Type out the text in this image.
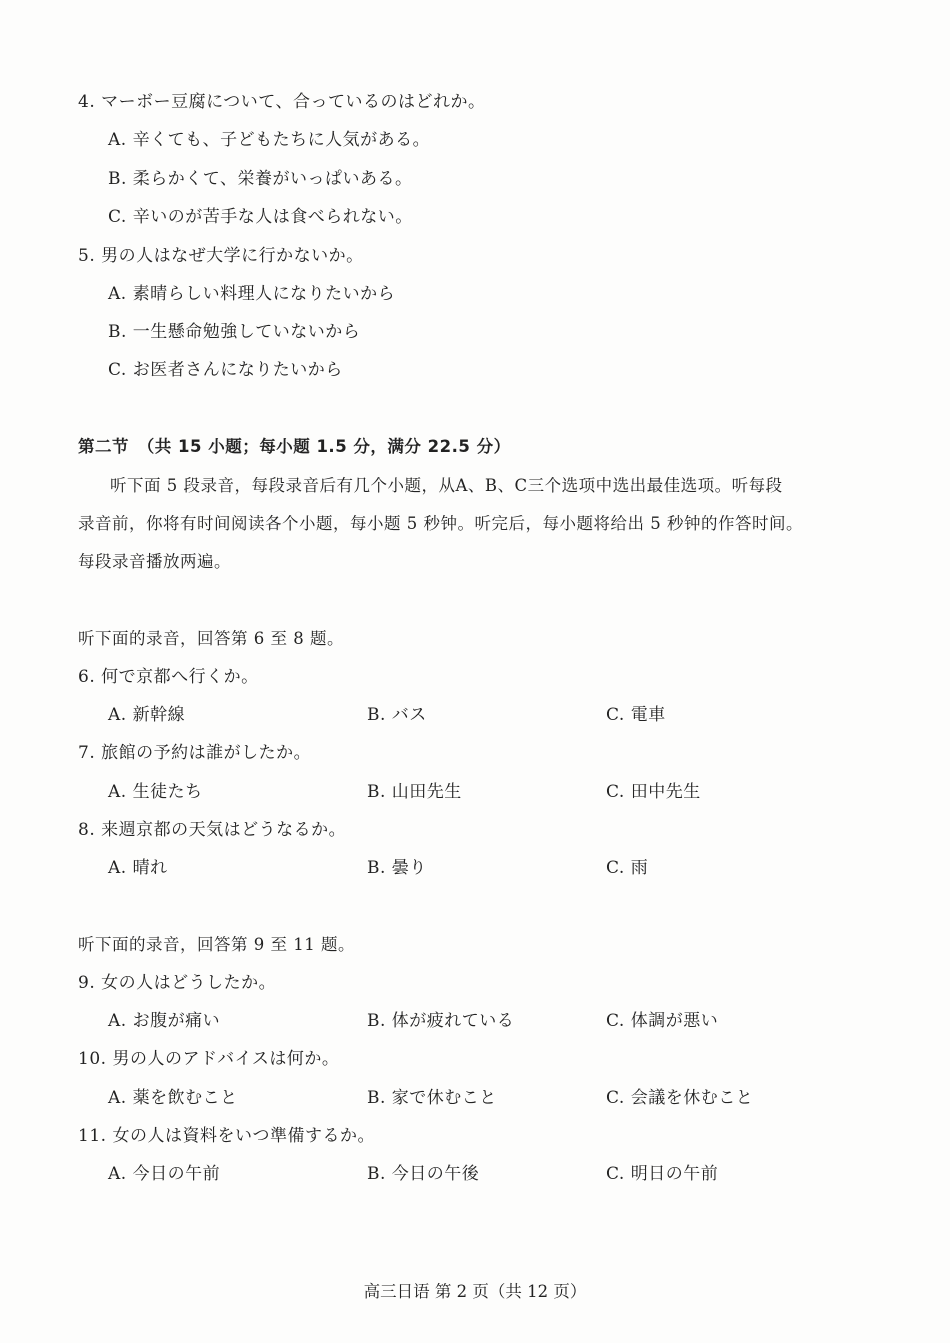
4. マーボー豆腐について、合っているのはどれか。
A. 辛くても、子どもたちに人気がある。
B. 柔らかくて、栄養がいっぱいある。
C. 辛いのが苦手な人は食べられない。
5. 男の人はなぜ大学に行かないか。
A. 素晴らしい料理人になりたいから
B. 一生懸命勉強していないから
C. お医者さんになりたいから
第二节　（共 15 小题；每小题 1.5 分，满分 22.5 分）
听下面 5 段录音，每段录音后有几个小题，从A、B、C三个选项中选出最佳选项。听每段
录音前，你将有时间阅读各个小题，每小题 5 秒钟。听完后，每小题将给出 5 秒钟的作答时间。
每段录音播放两遍。
听下面的录音，回答第 6 至 8 题。
6. 何で京都へ行くか。
A. 新幹線	B. バス	C. 電車
7. 旅館の予約は誰がしたか。
A. 生徒たち	B. 山田先生	C. 田中先生
8. 来週京都の天気はどうなるか。
A. 晴れ	B. 曇り	C. 雨
听下面的录音，回答第 9 至 11 题。
9. 女の人はどうしたか。
A. お腹が痛い	B. 体が疲れている	C. 体調が悪い
10. 男の人のアドバイスは何か。
A. 薬を飲むこと	B. 家で休むこと	C. 会議を休むこと
11. 女の人は資料をいつ準備するか。
A. 今日の午前	B. 今日の午後	C. 明日の午前
高三日语 第 2 页（共 12 页）
